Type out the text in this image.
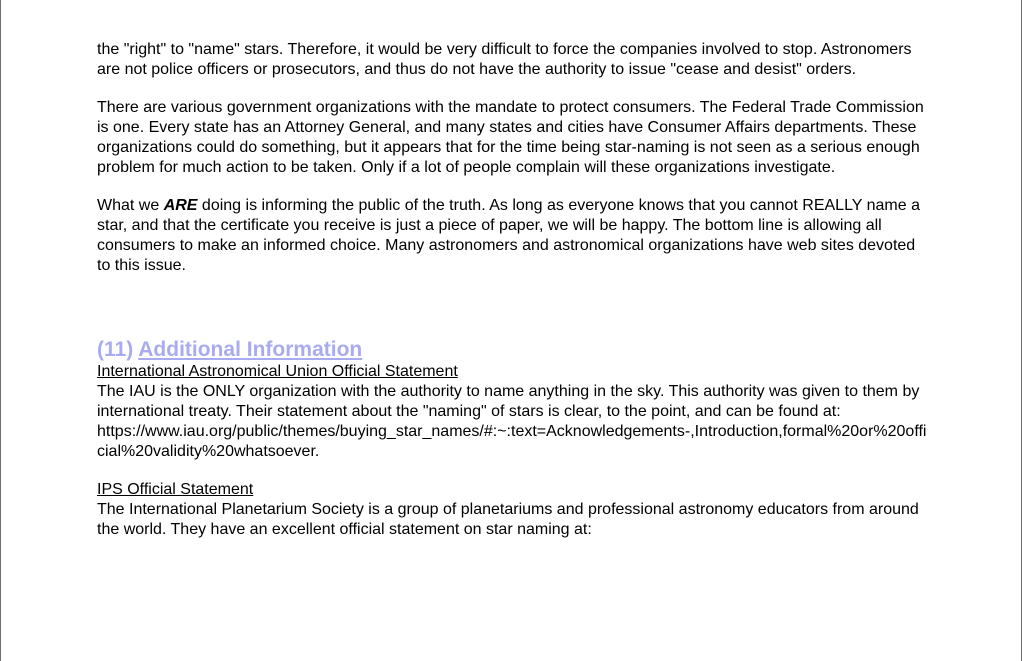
the "right" to "name" stars. Therefore, it would be very difficult to force the companies involved to stop. Astronomers are not police officers or prosecutors, and thus do not have the authority to issue "cease and desist" orders.

There are various government organizations with the mandate to protect consumers. The Federal Trade Commission is one. Every state has an Attorney General, and many states and cities have Consumer Affairs departments. These organizations could do something, but it appears that for the time being star-naming is not seen as a serious enough problem for much action to be taken. Only if a lot of people complain will these organizations investigate.

What we ARE doing is informing the public of the truth. As long as everyone knows that you cannot REALLY name a star, and that the certificate you receive is just a piece of paper, we will be happy. The bottom line is allowing all consumers to make an informed choice. Many astronomers and astronomical organizations have web sites devoted to this issue.

(11) Additional Information

International Astronomical Union Official Statement

The IAU is the ONLY organization with the authority to name anything in the sky. This authority was given to them by international treaty. Their statement about the "naming" of stars is clear, to the point, and can be found at:

https://www.iau.org/public/themes/buying_star_names/#:~:text=Acknowledgements-,Introduction,formal%20or%20official%20validity%20whatsoever.

IPS Official Statement

The International Planetarium Society is a group of planetariums and professional astronomy educators from around the world. They have an excellent official statement on star naming at:
